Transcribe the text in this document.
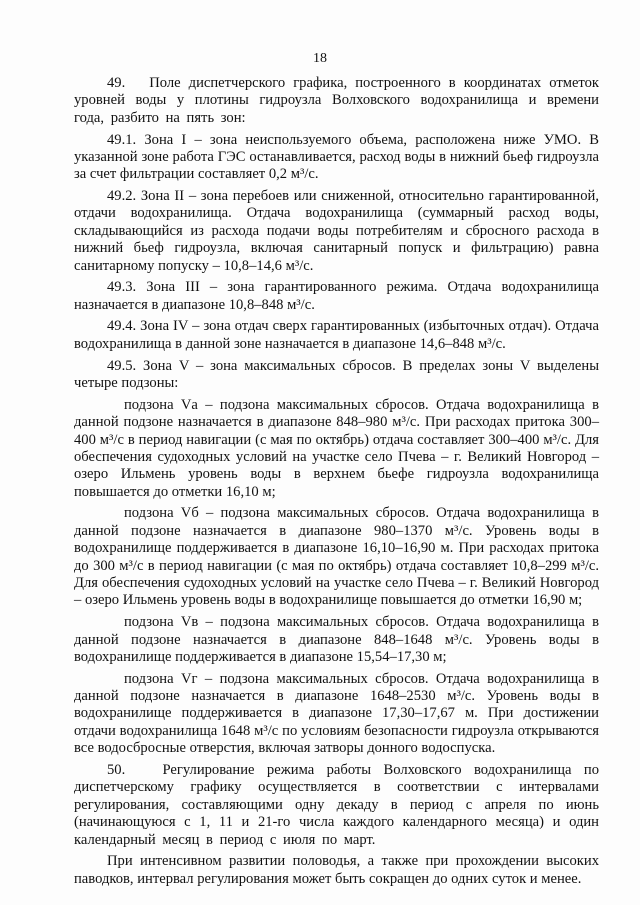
18

49.   Поле диспетчерского графика, построенного в координатах отметок уровней воды у плотины гидроузла Волховского водохранилища и времени года, разбито на пять зон:

49.1. Зона I – зона неиспользуемого объема, расположена ниже УМО. В указанной зоне работа ГЭС останавливается, расход воды в нижний бьеф гидроузла за счет фильтрации составляет 0,2 м³/с.

49.2. Зона II – зона перебоев или сниженной, относительно гарантированной, отдачи водохранилища. Отдача водохранилища (суммарный расход воды, складывающийся из расхода подачи воды потребителям и сбросного расхода в нижний бьеф гидроузла, включая санитарный попуск и фильтрацию) равна санитарному попуску – 10,8–14,6 м³/с.

49.3. Зона III – зона гарантированного режима. Отдача водохранилища назначается в диапазоне 10,8–848 м³/с.

49.4. Зона IV – зона отдач сверх гарантированных (избыточных отдач). Отдача водохранилища в данной зоне назначается в диапазоне 14,6–848 м³/с.

49.5. Зона V – зона максимальных сбросов. В пределах зоны V выделены четыре подзоны:

подзона Vа – подзона максимальных сбросов. Отдача водохранилища в данной подзоне назначается в диапазоне 848–980 м³/с. При расходах притока 300–400 м³/с в период навигации (с мая по октябрь) отдача составляет 300–400 м³/с. Для обеспечения судоходных условий на участке село Пчева – г. Великий Новгород – озеро Ильмень уровень воды в верхнем бьефе гидроузла водохранилища повышается до отметки 16,10 м;

подзона Vб – подзона максимальных сбросов. Отдача водохранилища в данной подзоне назначается в диапазоне 980–1370 м³/с. Уровень воды в водохранилище поддерживается в диапазоне 16,10–16,90 м. При расходах притока до 300 м³/с в период навигации (с мая по октябрь) отдача составляет 10,8–299 м³/с. Для обеспечения судоходных условий на участке село Пчева – г. Великий Новгород – озеро Ильмень уровень воды в водохранилище повышается до отметки 16,90 м;

подзона Vв – подзона максимальных сбросов. Отдача водохранилища в данной подзоне назначается в диапазоне 848–1648 м³/с. Уровень воды в водохранилище поддерживается в диапазоне 15,54–17,30 м;

подзона Vг – подзона максимальных сбросов. Отдача водохранилища в данной подзоне назначается в диапазоне 1648–2530 м³/с. Уровень воды в водохранилище поддерживается в диапазоне 17,30–17,67 м. При достижении отдачи водохранилища 1648 м³/с по условиям безопасности гидроузла открываются все водосбросные отверстия, включая затворы донного водоспуска.

50.   Регулирование режима работы Волховского водохранилища по диспетчерскому графику осуществляется в соответствии с интервалами регулирования, составляющими одну декаду в период с апреля по июнь (начинающуюся с 1, 11 и 21-го числа каждого календарного месяца) и один календарный месяц в период с июля по март.

При интенсивном развитии половодья, а также при прохождении высоких паводков, интервал регулирования может быть сокращен до одних суток и менее.
